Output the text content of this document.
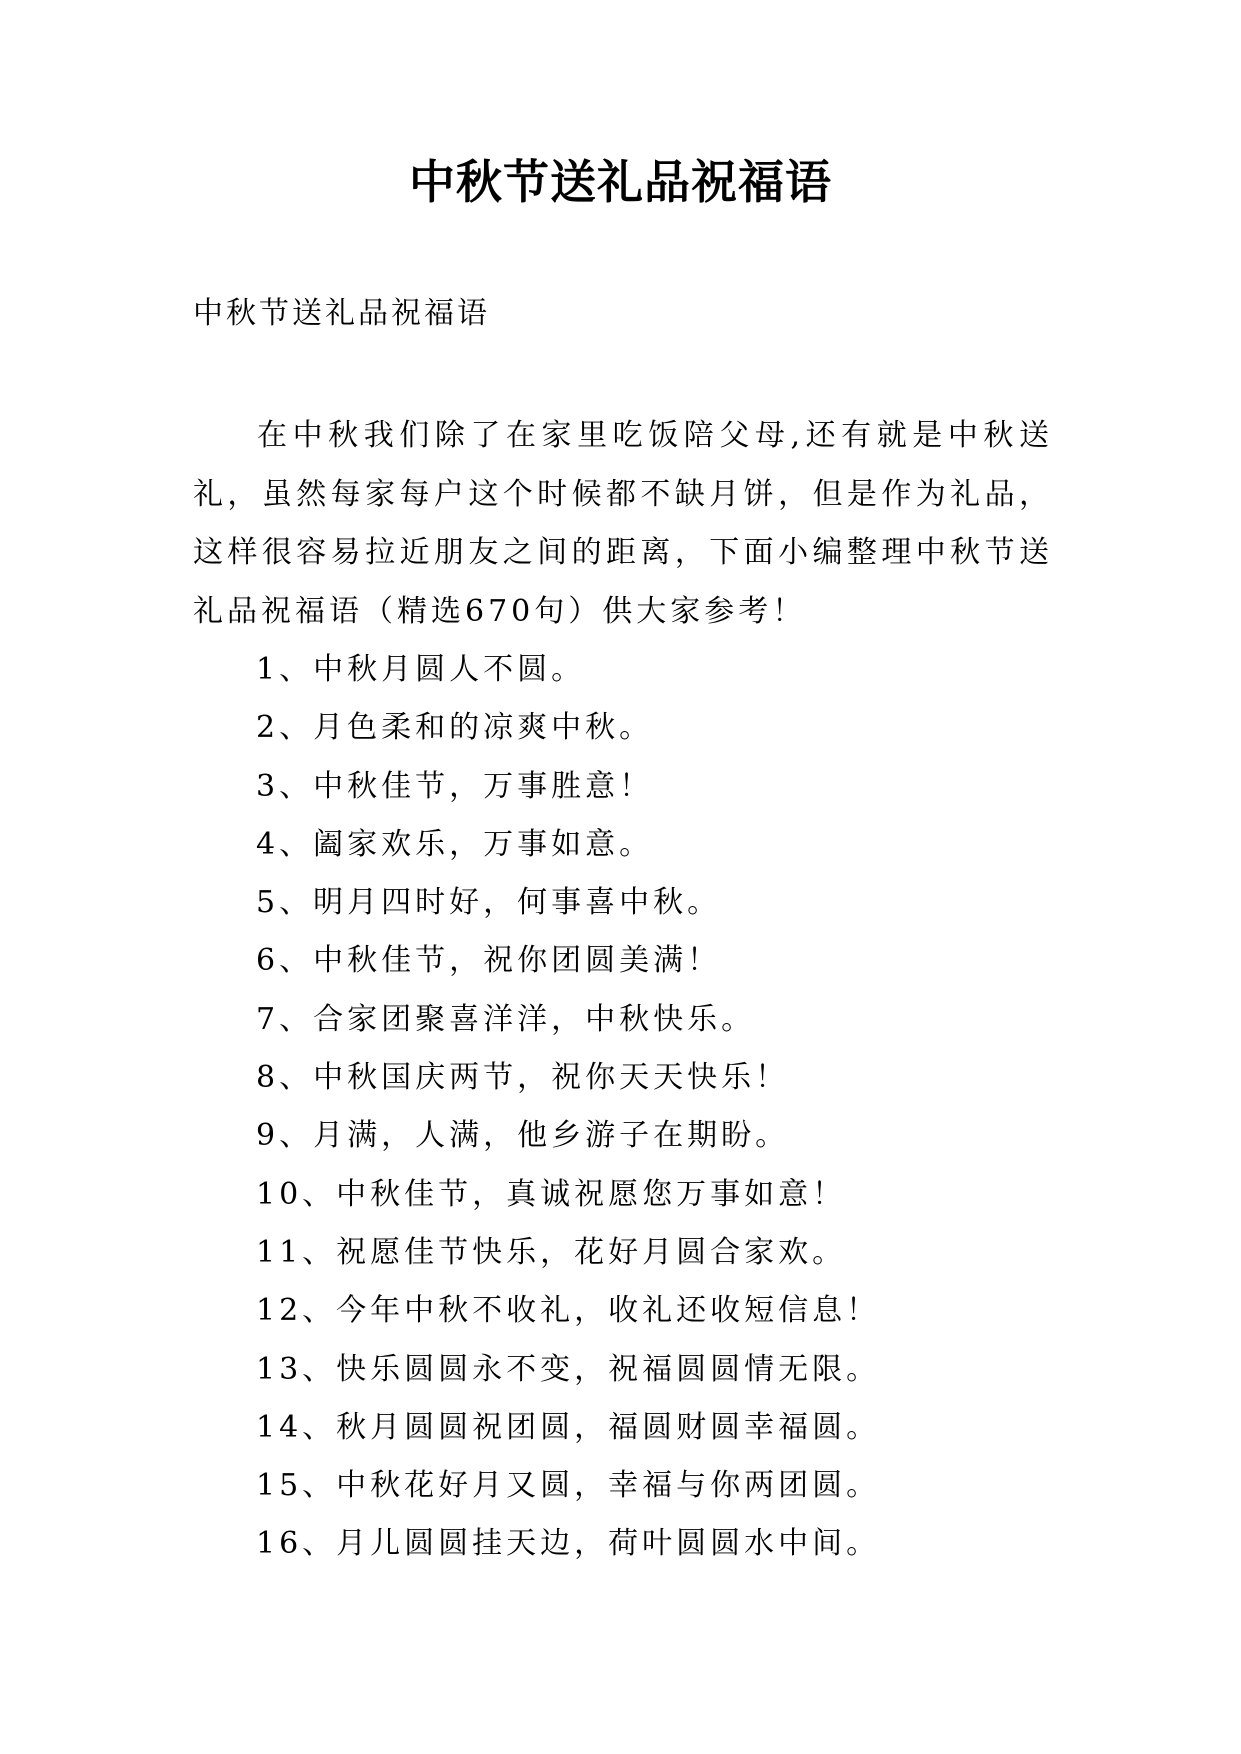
中秋节送礼品祝福语
中秋节送礼品祝福语

在中秋我们除了在家里吃饭陪父母,还有就是中秋送礼，虽然每家每户这个时候都不缺月饼，但是作为礼品，这样很容易拉近朋友之间的距离，下面小编整理中秋节送礼品祝福语（精选670句）供大家参考！

1、中秋月圆人不圆。
2、月色柔和的凉爽中秋。
3、中秋佳节，万事胜意！
4、阖家欢乐，万事如意。
5、明月四时好，何事喜中秋。
6、中秋佳节，祝你团圆美满！
7、合家团聚喜洋洋，中秋快乐。
8、中秋国庆两节，祝你天天快乐！
9、月满，人满，他乡游子在期盼。
10、中秋佳节，真诚祝愿您万事如意！
11、祝愿佳节快乐，花好月圆合家欢。
12、今年中秋不收礼，收礼还收短信息！
13、快乐圆圆永不变，祝福圆圆情无限。
14、秋月圆圆祝团圆，福圆财圆幸福圆。
15、中秋花好月又圆，幸福与你两团圆。
16、月儿圆圆挂天边，荷叶圆圆水中间。
